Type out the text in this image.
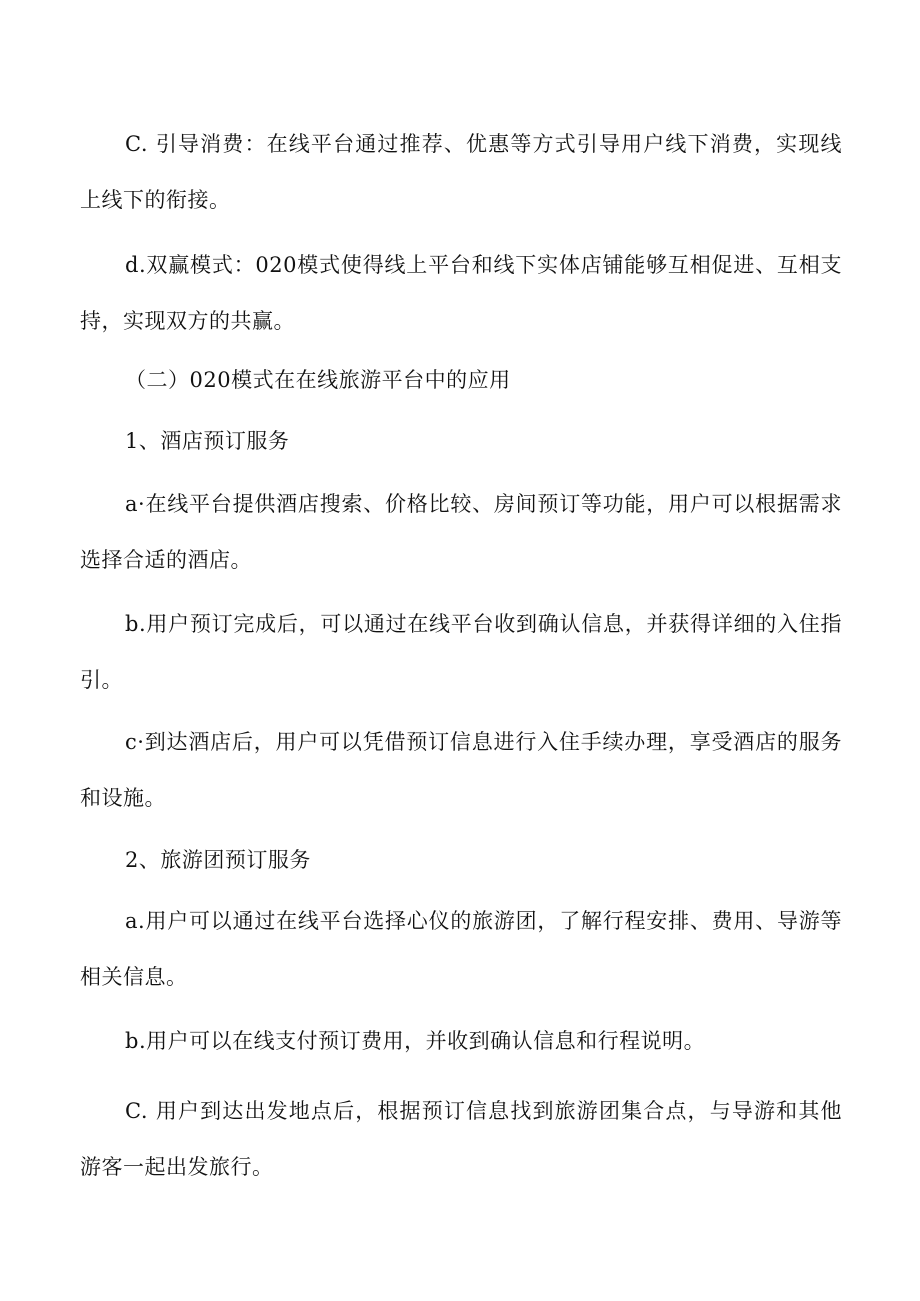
C. 引导消费：在线平台通过推荐、优惠等方式引导用户线下消费，实现线上线下的衔接。

d.双赢模式：020模式使得线上平台和线下实体店铺能够互相促进、互相支持，实现双方的共赢。

（二）020模式在在线旅游平台中的应用

1、酒店预订服务

a·在线平台提供酒店搜索、价格比较、房间预订等功能，用户可以根据需求选择合适的酒店。

b.用户预订完成后，可以通过在线平台收到确认信息，并获得详细的入住指引。

c·到达酒店后，用户可以凭借预订信息进行入住手续办理，享受酒店的服务和设施。

2、旅游团预订服务

a.用户可以通过在线平台选择心仪的旅游团，了解行程安排、费用、导游等相关信息。

b.用户可以在线支付预订费用，并收到确认信息和行程说明。

C. 用户到达出发地点后，根据预订信息找到旅游团集合点，与导游和其他游客一起出发旅行。
